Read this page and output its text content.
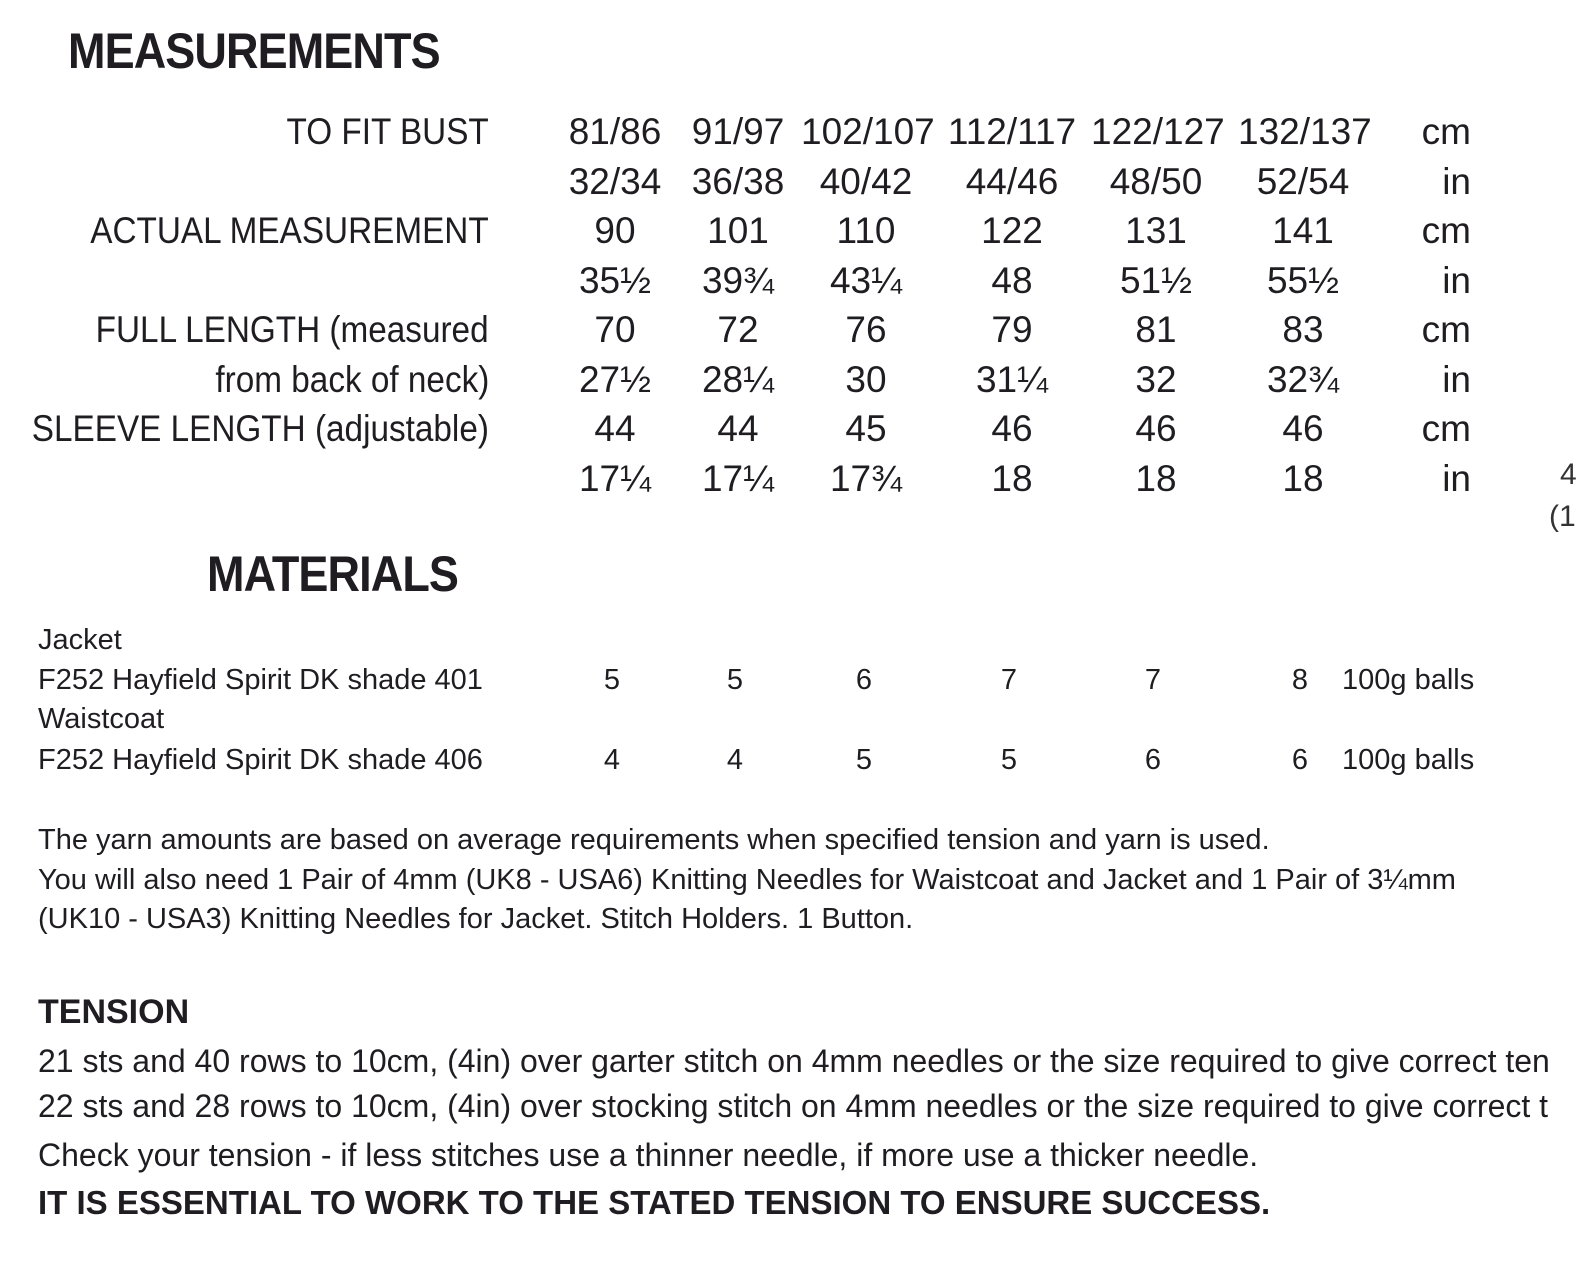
MEASUREMENTS
TO FIT BUST	81/86 91/97 102/107 112/117 122/127 132/137 cm
32/34 36/38 40/42	44/46	48/50	52/54	in
ACTUAL MEASUREMENT	90	101	110	122	131	141	cm
35½	39¾	43¼	48	51½	55½	in
FULL LENGTH (measured	70	72	76	79	81	83	cm
from back of neck)	27½	28¼	30	31¼	32	32¾	in
SLEEVE LENGTH (adjustable)	44	44	45	46	46	46	cm
17¼	17¼	17¾	18	18	18	in
MATERIALS
Jacket
F252 Hayfield Spirit DK shade 401	5	5	6	7	7	8	100g balls
Waistcoat
F252 Hayfield Spirit DK shade 406	4	4	5	5	6	6	100g balls
The yarn amounts are based on average requirements when specified tension and yarn is used.
You will also need 1 Pair of 4mm (UK8 - USA6) Knitting Needles for Waistcoat and Jacket and 1 Pair of 3¼mm
(UK10 - USA3) Knitting Needles for Jacket. Stitch Holders. 1 Button.
TENSION
21 sts and 40 rows to 10cm, (4in) over garter stitch on 4mm needles or the size required to give correct ten
22 sts and 28 rows to 10cm, (4in) over stocking stitch on 4mm needles or the size required to give correct t
Check your tension - if less stitches use a thinner needle, if more use a thicker needle.
IT IS ESSENTIAL TO WORK TO THE STATED TENSION TO ENSURE SUCCESS.
4
(1
